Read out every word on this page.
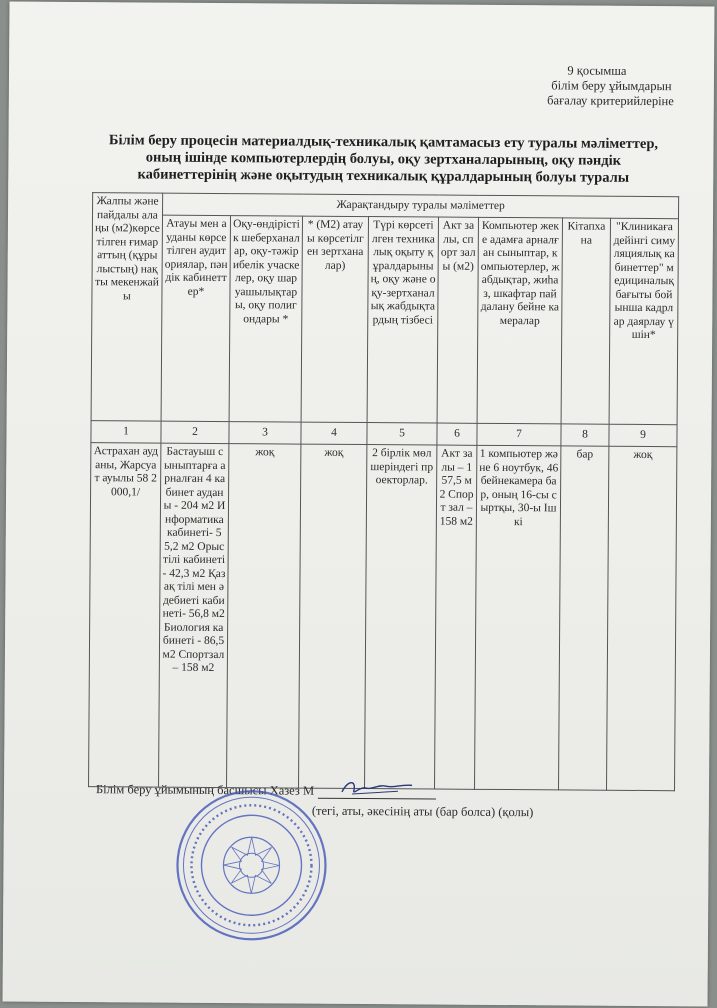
9 қосымша
білім беру ұйымдарын
бағалау критерийлеріне
Білім беру процесін материалдық-техникалық қамтамасыз ету туралы мәліметтер,
оның ішінде компьютерлердің болуы, оқу зертханаларының, оқу пәндік
кабинеттерінің және оқытудың техникалық құралдарының болуы туралы
Жалпы және пайдалы алаңы (м2)көрсетілген ғимараттың (құрылыстың) нақты мекенжайы	Жарақтандыру туралы мәліметтер							
	Атауы мен ауданы көрсетілген аудиториялар, пәндік кабинеттер*	Оқу-өндірістік шеберханалар, оқу-тәжірибелік учаскелер, оқу шаруашылықтары, оқу полигондары *	* (М2) атауы көрсетілген зертханалар)	Түрі көрсетілген техникалық оқыту құралдарының, оқу және оқу-зертханалық жабдықтардың тізбесі	Акт залы, спорт залы (м2)	Компьютер жеке адамға арналған сыныптар, компьютерлер, жабдықтар, жиһаз, шкафтар пайдалану бейне камералар	Кітапхана	"Клиникаға дейінгі симуляциялық кабинеттер" медициналық бағыты бойынша кадрлар даярлау үшін*
1	2	3	4	5	6	7	8	9
Астрахан ауданы, Жарсуат ауылы 58 2000,1/	Бастауыш сыныптарға арналған 4 кабинет ауданы - 204 м2 Информатика кабинеті- 55,2 м2 Орыс тілі кабинеті- 42,3 м2 Қазақ тілі мен әдебиеті кабинеті- 56,8 м2 Биология кабинеті - 86,5 м2 Спортзал – 158 м2	жоқ	жоқ	2 бірлік мөлшеріндегі проекторлар.	Акт залы – 157,5 м2 Спорт зал – 158 м2	1 компьютер және 6 ноутбук, 46 бейнекамера бар, оның 16-сы сыртқы, 30-ы Ішкі	бар	жоқ
Білім беру ұйымының басшысы Хазез М
(тегі, аты, әкесінің аты (бар болса) (қолы)
